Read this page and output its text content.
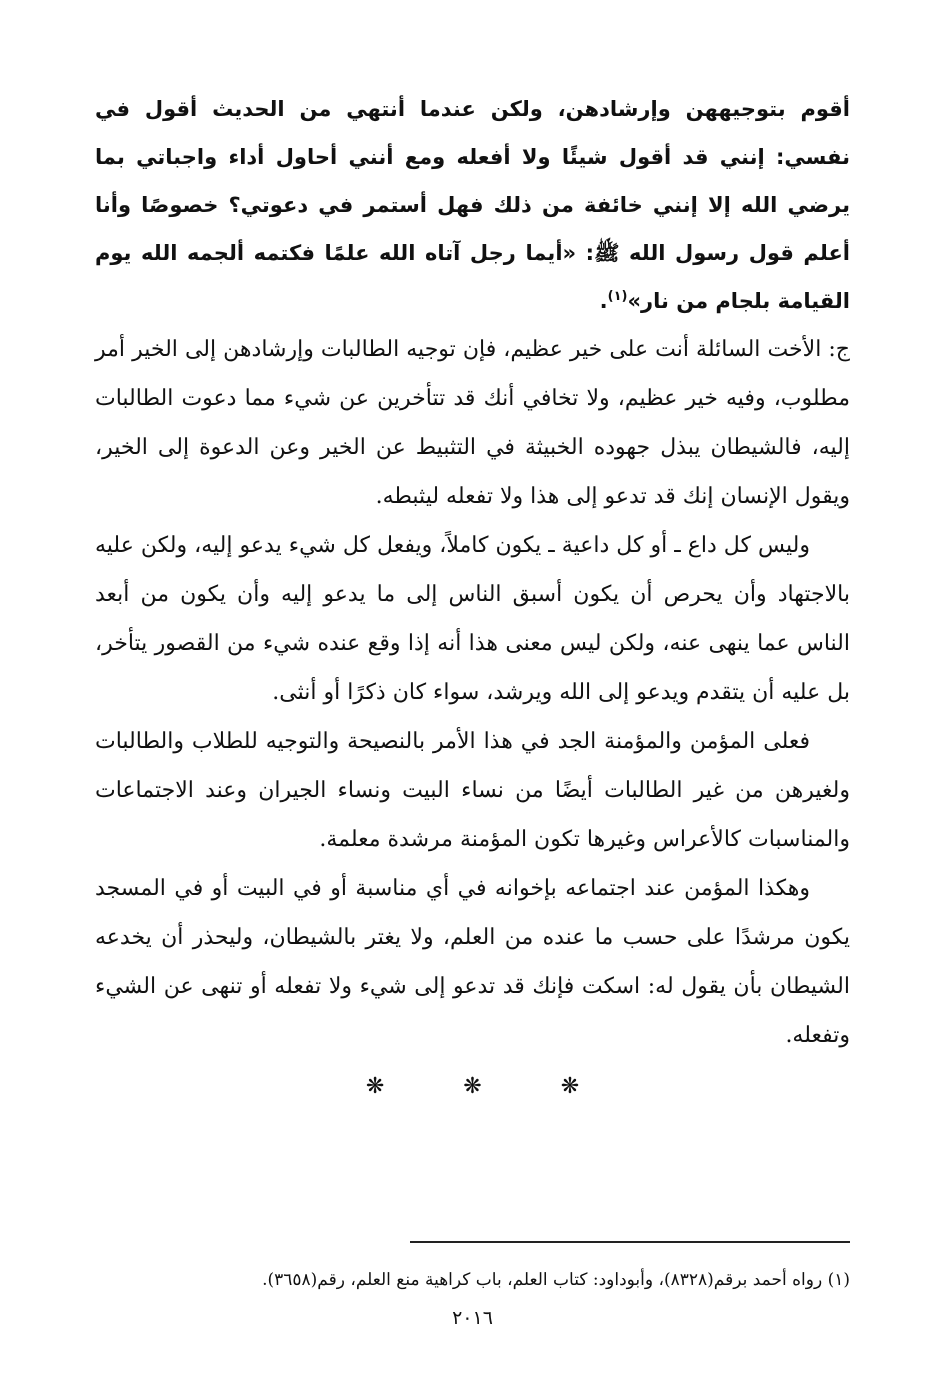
أقوم بتوجيههن وإرشادهن، ولكن عندما أنتهي من الحديث أقول في نفسي: إنني قد أقول شيئًا ولا أفعله ومع أنني أحاول أداء واجباتي بما يرضي الله إلا إنني خائفة من ذلك فهل أستمر في دعوتي؟ خصوصًا وأنا أعلم قول رسول الله ﷺ: «أيما رجل آتاه الله علمًا فكتمه ألجمه الله يوم القيامة بلجام من نار»$^{(١)}$.

ج: الأخت السائلة أنت على خير عظيم، فإن توجيه الطالبات وإرشادهن إلى الخير أمر مطلوب، وفيه خير عظيم، ولا تخافي أنك قد تتأخرين عن شيء مما دعوت الطالبات إليه، فالشيطان يبذل جهوده الخبيثة في التثبيط عن الخير وعن الدعوة إلى الخير، ويقول الإنسان إنك قد تدعو إلى هذا ولا تفعله ليثبطه.

وليس كل داع ـ أو كل داعية ـ يكون كاملاً، ويفعل كل شيء يدعو إليه، ولكن عليه بالاجتهاد وأن يحرص أن يكون أسبق الناس إلى ما يدعو إليه وأن يكون من أبعد الناس عما ينهى عنه، ولكن ليس معنى هذا أنه إذا وقع عنده شيء من القصور يتأخر، بل عليه أن يتقدم ويدعو إلى الله ويرشد، سواء كان ذكرًا أو أنثى.

فعلى المؤمن والمؤمنة الجد في هذا الأمر بالنصيحة والتوجيه للطلاب والطالبات ولغيرهن من غير الطالبات أيضًا من نساء البيت ونساء الجيران وعند الاجتماعات والمناسبات كالأعراس وغيرها تكون المؤمنة مرشدة معلمة.

وهكذا المؤمن عند اجتماعه بإخوانه في أي مناسبة أو في البيت أو في المسجد يكون مرشدًا على حسب ما عنده من العلم، ولا يغتر بالشيطان، وليحذر أن يخدعه الشيطان بأن يقول له: اسكت فإنك قد تدعو إلى شيء ولا تفعله أو تنهى عن الشيء وتفعله.

❋ ❋ ❋

(١) رواه أحمد برقم(٨٣٢٨)، وأبوداود: كتاب العلم، باب كراهية منع العلم، رقم(٣٦٥٨).

٢٠١٦
